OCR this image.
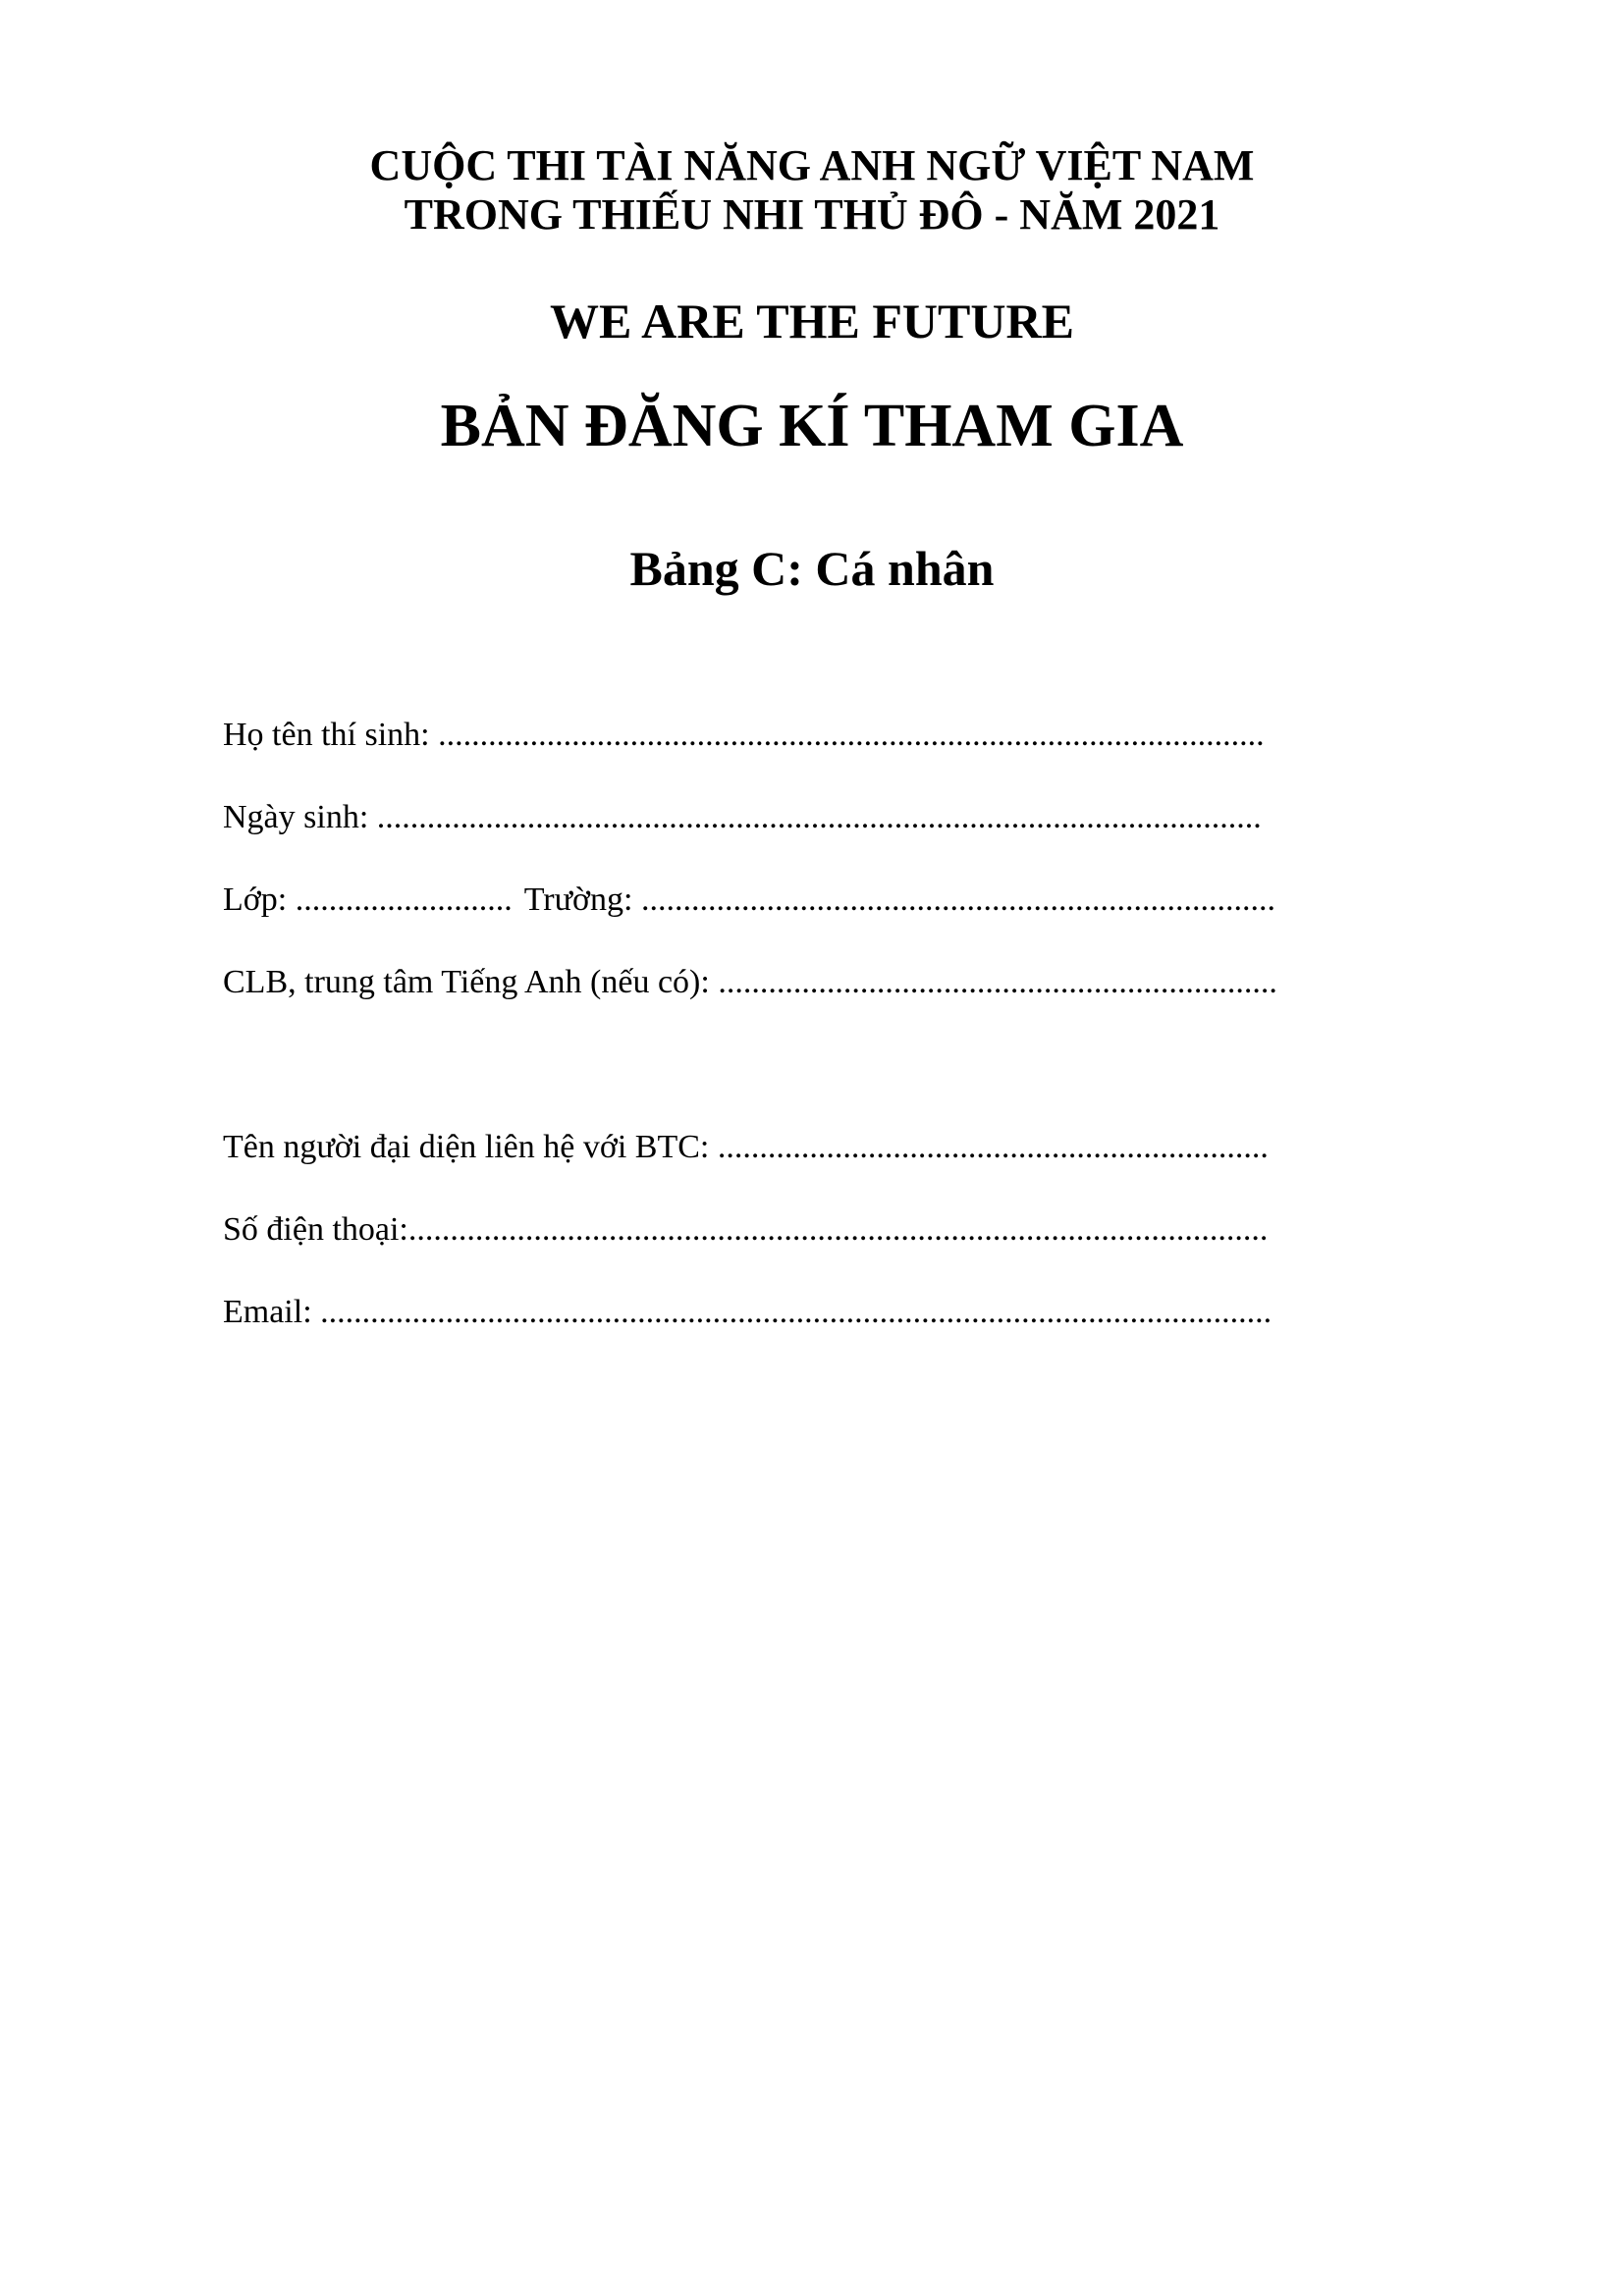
CUỘC THI TÀI NĂNG ANH NGỮ VIỆT NAM
TRONG THIẾU NHI THỦ ĐÔ - NĂM 2021
WE ARE THE FUTURE
BẢN ĐĂNG KÍ THAM GIA
Bảng C: Cá nhân
Họ tên thí sinh: ...................................................................................................
Ngày sinh: ..........................................................................................................
Lớp: .......................... Trường: ............................................................................
CLB, trung tâm Tiếng Anh (nếu có): ...................................................................
Tên người đại diện liên hệ với BTC: ..................................................................
Số điện thoại:.......................................................................................................
Email: ..................................................................................................................
